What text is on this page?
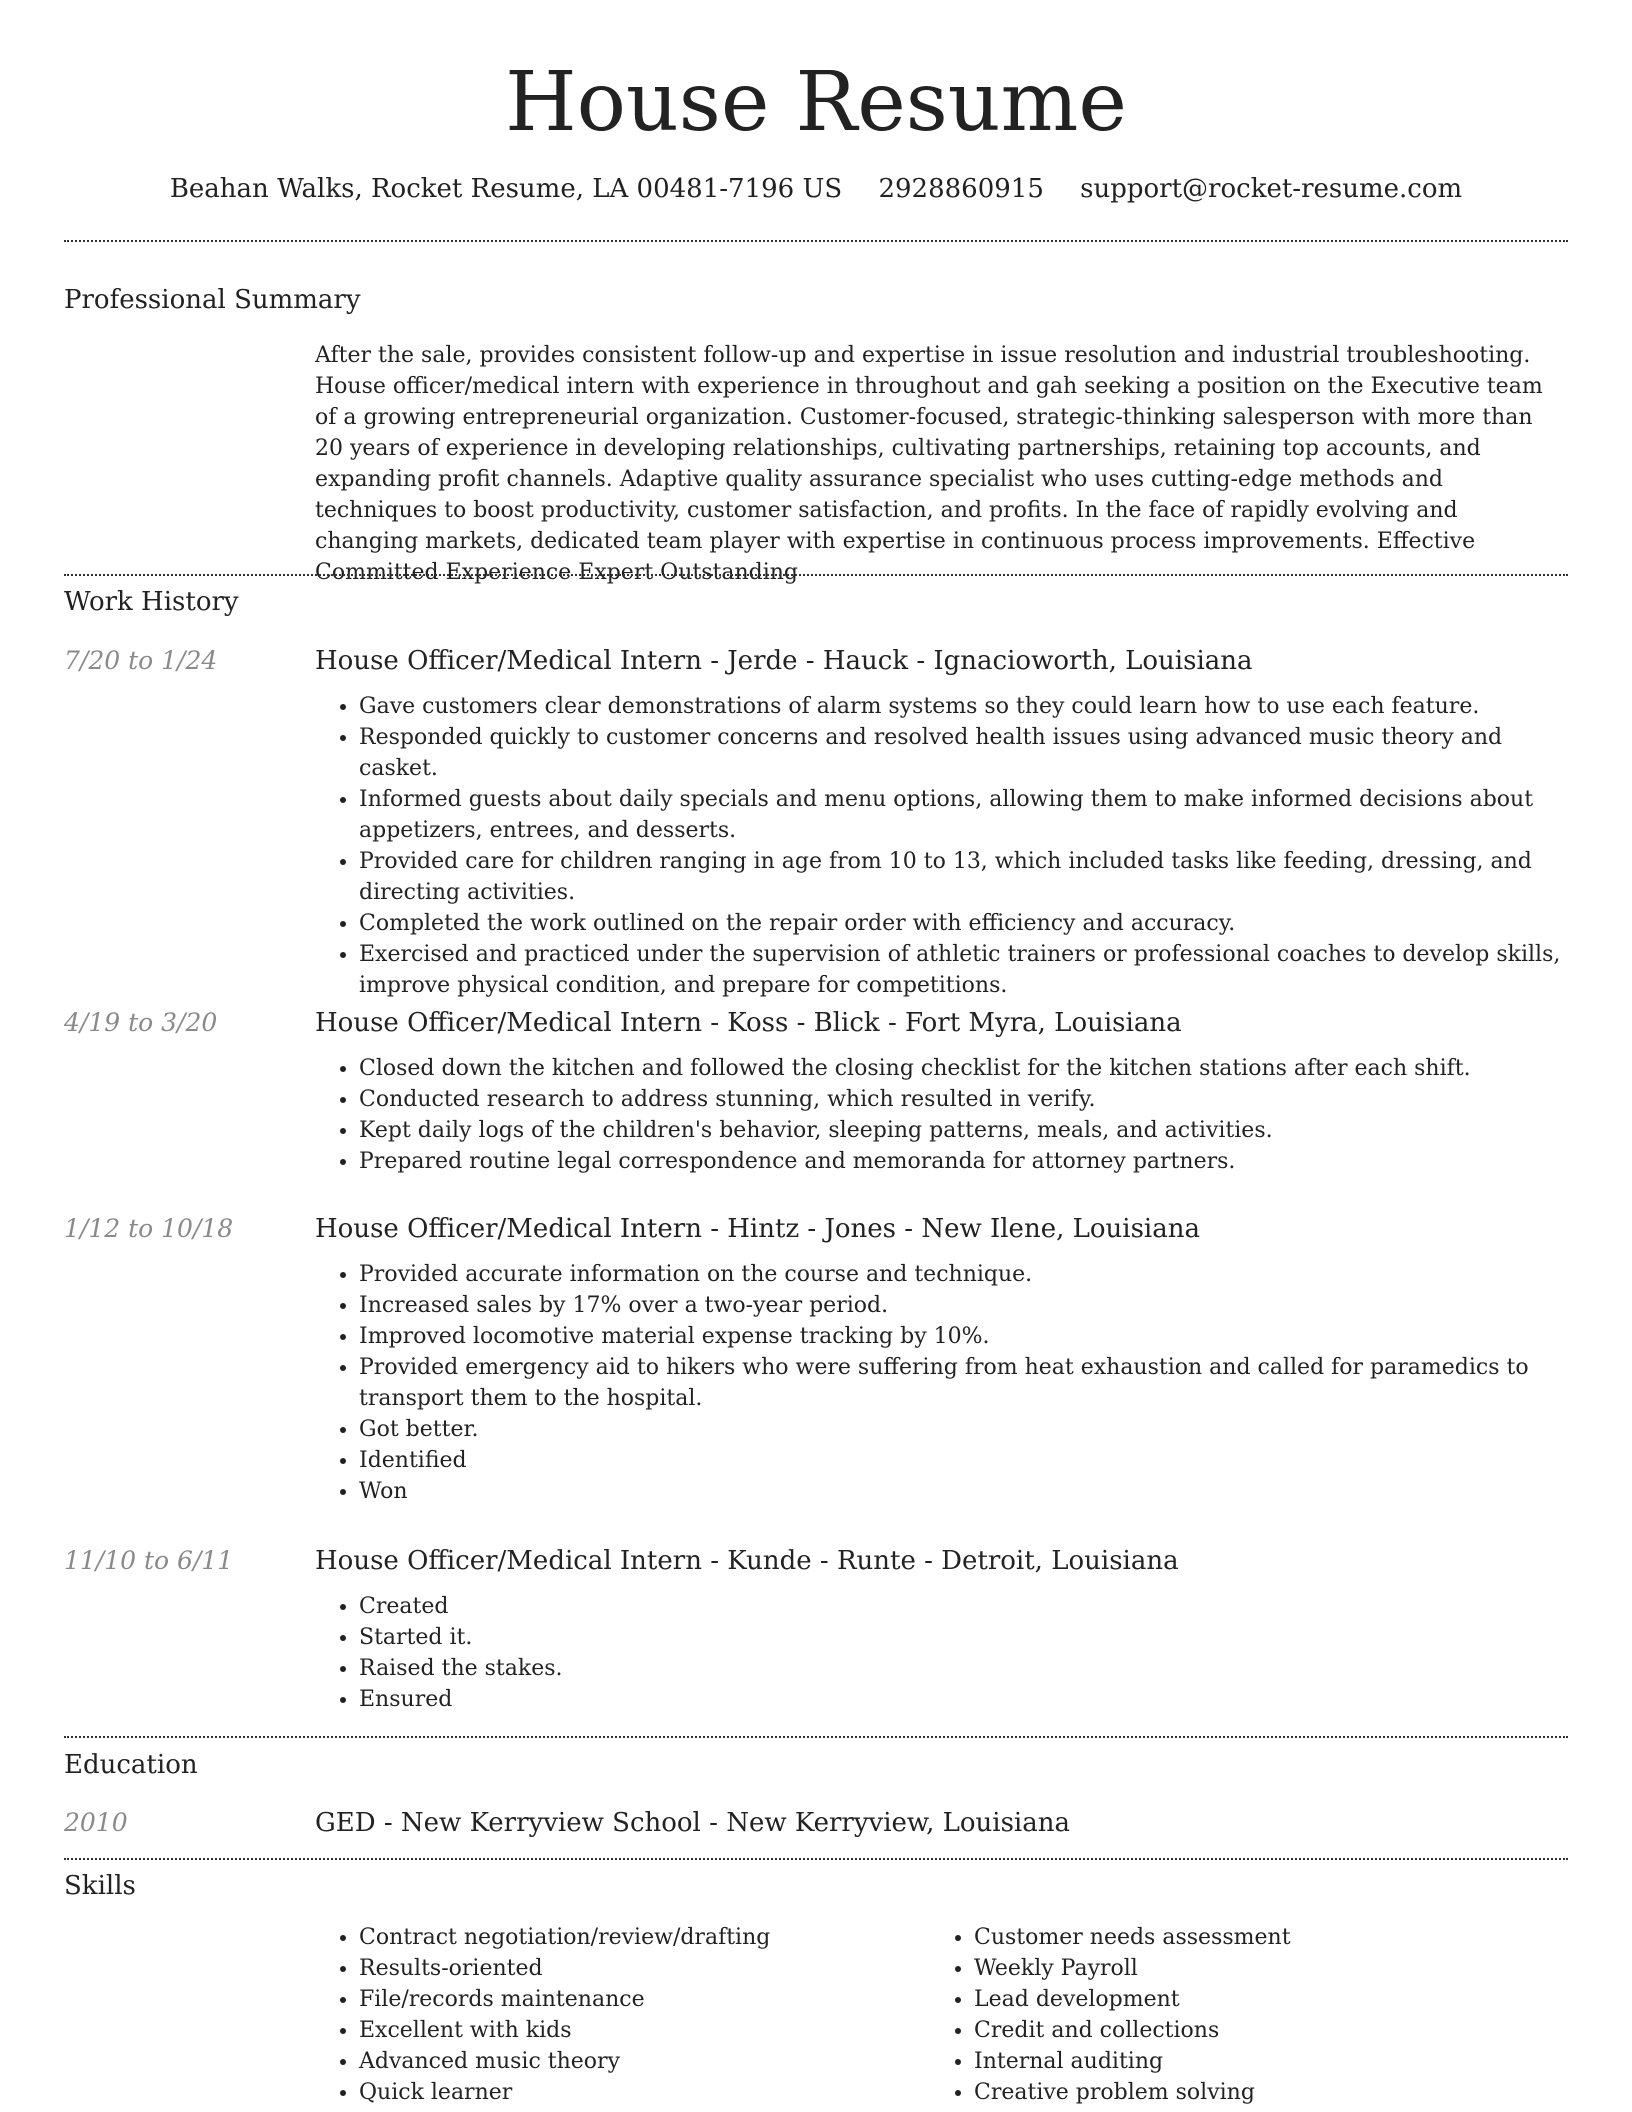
House Resume
Beahan Walks, Rocket Resume, LA 00481-7196 US 2928860915 support@rocket-resume.com
Professional Summary

After the sale, provides consistent follow-up and expertise in issue resolution and industrial troubleshooting. House officer/medical intern with experience in throughout and gah seeking a position on the Executive team of a growing entrepreneurial organization. Customer-focused, strategic-thinking salesperson with more than 20 years of experience in developing relationships, cultivating partnerships, retaining top accounts, and expanding profit channels. Adaptive quality assurance specialist who uses cutting-edge methods and techniques to boost productivity, customer satisfaction, and profits. In the face of rapidly evolving and changing markets, dedicated team player with expertise in continuous process improvements. Effective Committed Experience Expert Outstanding

Work History
7/20 to 1/24	House Officer/Medical Intern - Jerde - Hauck - Ignacioworth, Louisiana

• Gave customers clear demonstrations of alarm systems so they could learn how to use each feature.
• Responded quickly to customer concerns and resolved health issues using advanced music theory and casket.
• Informed guests about daily specials and menu options, allowing them to make informed decisions about appetizers, entrees, and desserts.
• Provided care for children ranging in age from 10 to 13, which included tasks like feeding, dressing, and directing activities.
• Completed the work outlined on the repair order with efficiency and accuracy.
• Exercised and practiced under the supervision of athletic trainers or professional coaches to develop skills, improve physical condition, and prepare for competitions.
4/19 to 3/20	House Officer/Medical Intern - Koss - Blick - Fort Myra, Louisiana

• Closed down the kitchen and followed the closing checklist for the kitchen stations after each shift.
• Conducted research to address stunning, which resulted in verify.
• Kept daily logs of the children's behavior, sleeping patterns, meals, and activities.
• Prepared routine legal correspondence and memoranda for attorney partners.
1/12 to 10/18	House Officer/Medical Intern - Hintz - Jones - New Ilene, Louisiana

• Provided accurate information on the course and technique.
• Increased sales by 17% over a two-year period.
• Improved locomotive material expense tracking by 10%.
• Provided emergency aid to hikers who were suffering from heat exhaustion and called for paramedics to transport them to the hospital.
• Got better.
• Identified
• Won
11/10 to 6/11	House Officer/Medical Intern - Kunde - Runte - Detroit, Louisiana

• Created
• Started it.
• Raised the stakes.
• Ensured
Education
2010	GED - New Kerryview School - New Kerryview, Louisiana

Skills
• Contract negotiation/review/drafting
• Results-oriented
• File/records maintenance
• Excellent with kids
• Advanced music theory
• Quick learner
• Customer needs assessment
• Weekly Payroll
• Lead development
• Credit and collections
• Internal auditing
• Creative problem solving
